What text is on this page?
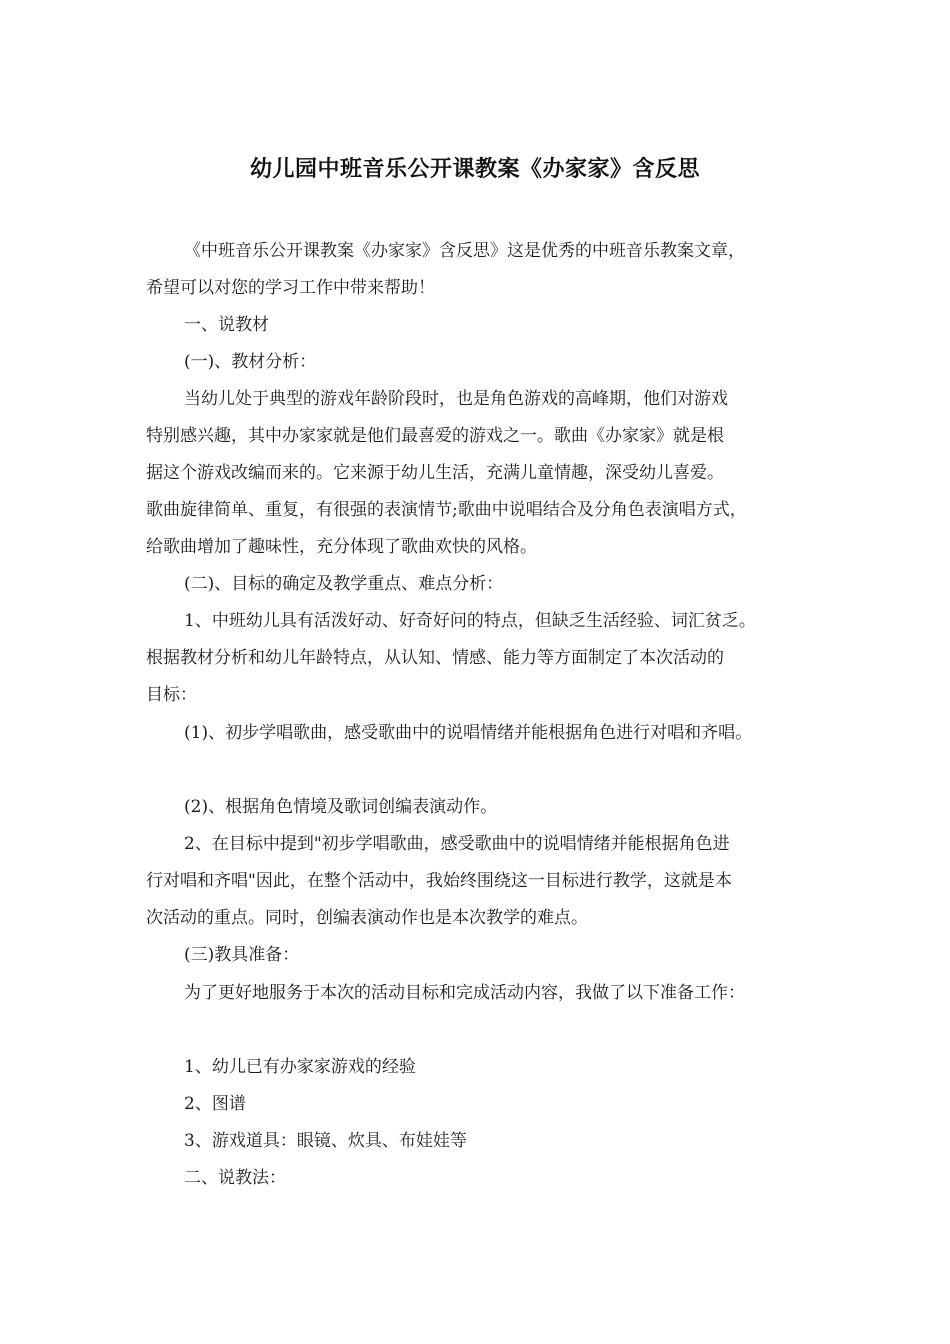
幼儿园中班音乐公开课教案《办家家》含反思
《中班音乐公开课教案《办家家》含反思》这是优秀的中班音乐教案文章，
希望可以对您的学习工作中带来帮助！
一、说教材
(一)、教材分析：
当幼儿处于典型的游戏年龄阶段时，也是角色游戏的高峰期，他们对游戏
特别感兴趣，其中办家家就是他们最喜爱的游戏之一。歌曲《办家家》就是根
据这个游戏改编而来的。它来源于幼儿生活，充满儿童情趣，深受幼儿喜爱。
歌曲旋律简单、重复，有很强的表演情节;歌曲中说唱结合及分角色表演唱方式，
给歌曲增加了趣味性，充分体现了歌曲欢快的风格。
(二)、目标的确定及教学重点、难点分析：
1、中班幼儿具有活泼好动、好奇好问的特点，但缺乏生活经验、词汇贫乏。
根据教材分析和幼儿年龄特点，从认知、情感、能力等方面制定了本次活动的
目标：
(1)、初步学唱歌曲，感受歌曲中的说唱情绪并能根据角色进行对唱和齐唱。
(2)、根据角色情境及歌词创编表演动作。
2、在目标中提到"初步学唱歌曲，感受歌曲中的说唱情绪并能根据角色进
行对唱和齐唱"因此，在整个活动中，我始终围绕这一目标进行教学，这就是本
次活动的重点。同时，创编表演动作也是本次教学的难点。
(三)教具准备：
为了更好地服务于本次的活动目标和完成活动内容，我做了以下准备工作：
1、幼儿已有办家家游戏的经验
2、图谱
3、游戏道具：眼镜、炊具、布娃娃等
二、说教法：
